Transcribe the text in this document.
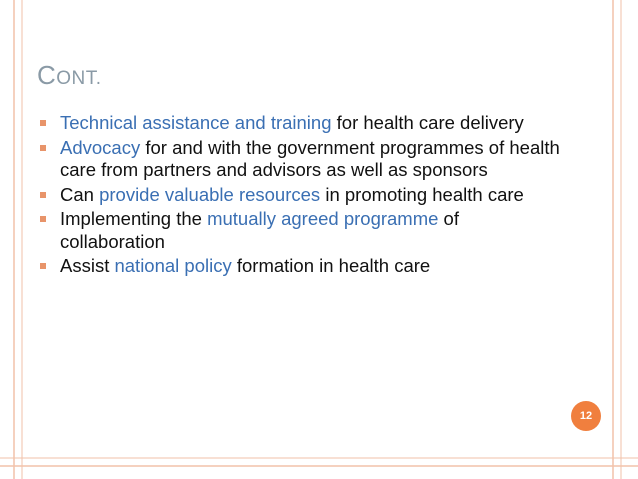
CONT.
Technical assistance and training for health care delivery
Advocacy for and with the government programmes of health care from partners and advisors as well as sponsors
Can provide valuable resources in promoting health care
Implementing the mutually agreed programme of collaboration
Assist national policy formation in health care
12
